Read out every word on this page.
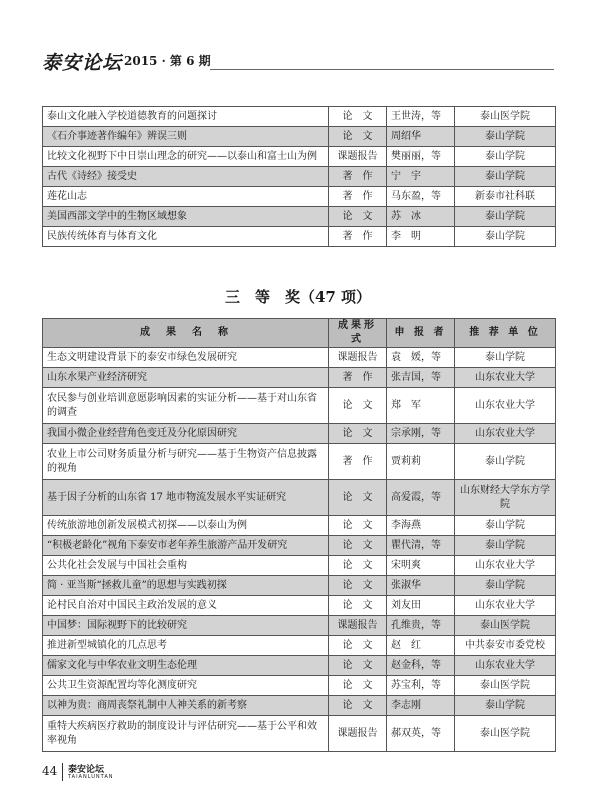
泰安论坛 2015 · 第 6 期
泰山文化融入学校道德教育的问题探讨	论　文	王世涛，等	泰山医学院
《石介事迹著作编年》辨误三则	论　文	周绍华	泰山学院
比较文化视野下中日崇山理念的研究——以泰山和富士山为例	课题报告	樊丽丽，等	泰山学院
古代《诗经》接受史	著　作	宁　宇	泰山学院
莲花山志	著　作	马东盈，等	新泰市社科联
美国西部文学中的生物区域想象	论　文	苏　冰	泰山学院
民族传统体育与体育文化	著　作	李　明	泰山学院
三　等　奖（47 项）
成　果　名　称	成果形式	申 报 者	推 荐 单 位
生态文明建设背景下的泰安市绿色发展研究	课题报告	袁　媛，等	泰山学院
山东水果产业经济研究	著　作	张吉国，等	山东农业大学
农民参与创业培训意愿影响因素的实证分析——基于对山东省的调查	论　文	郑　军	山东农业大学
我国小微企业经营角色变迁及分化原因研究	论　文	宗承刚，等	山东农业大学
农业上市公司财务质量分析与研究——基于生物资产信息披露的视角	著　作	贾莉莉	泰山学院
基于因子分析的山东省 17 地市物流发展水平实证研究	论　文	高爱霞，等	山东财经大学东方学院
传统旅游地创新发展模式初探——以泰山为例	论　文	李海燕	泰山学院
“积极老龄化”视角下泰安市老年养生旅游产品开发研究	论　文	瞿代清，等	泰山学院
公共化社会发展与中国社会重构	论　文	宋明爽	山东农业大学
简 · 亚当斯“拯救儿童”的思想与实践初探	论　文	张淑华	泰山学院
论村民自治对中国民主政治发展的意义	论　文	刘友田	山东农业大学
中国梦：国际视野下的比较研究	课题报告	孔维贵，等	泰山医学院
推进新型城镇化的几点思考	论　文	赵　红	中共泰安市委党校
儒家文化与中华农业文明生态伦理	论　文	赵金科，等	山东农业大学
公共卫生资源配置均等化测度研究	论　文	苏宝利，等	泰山医学院
以神为贵：商周丧祭礼制中人神关系的新考察	论　文	李志刚	泰山学院
重特大疾病医疗救助的制度设计与评估研究——基于公平和效率视角	课题报告	郝双英，等	泰山医学院
44 泰安论坛
TAIANLUNTAN
